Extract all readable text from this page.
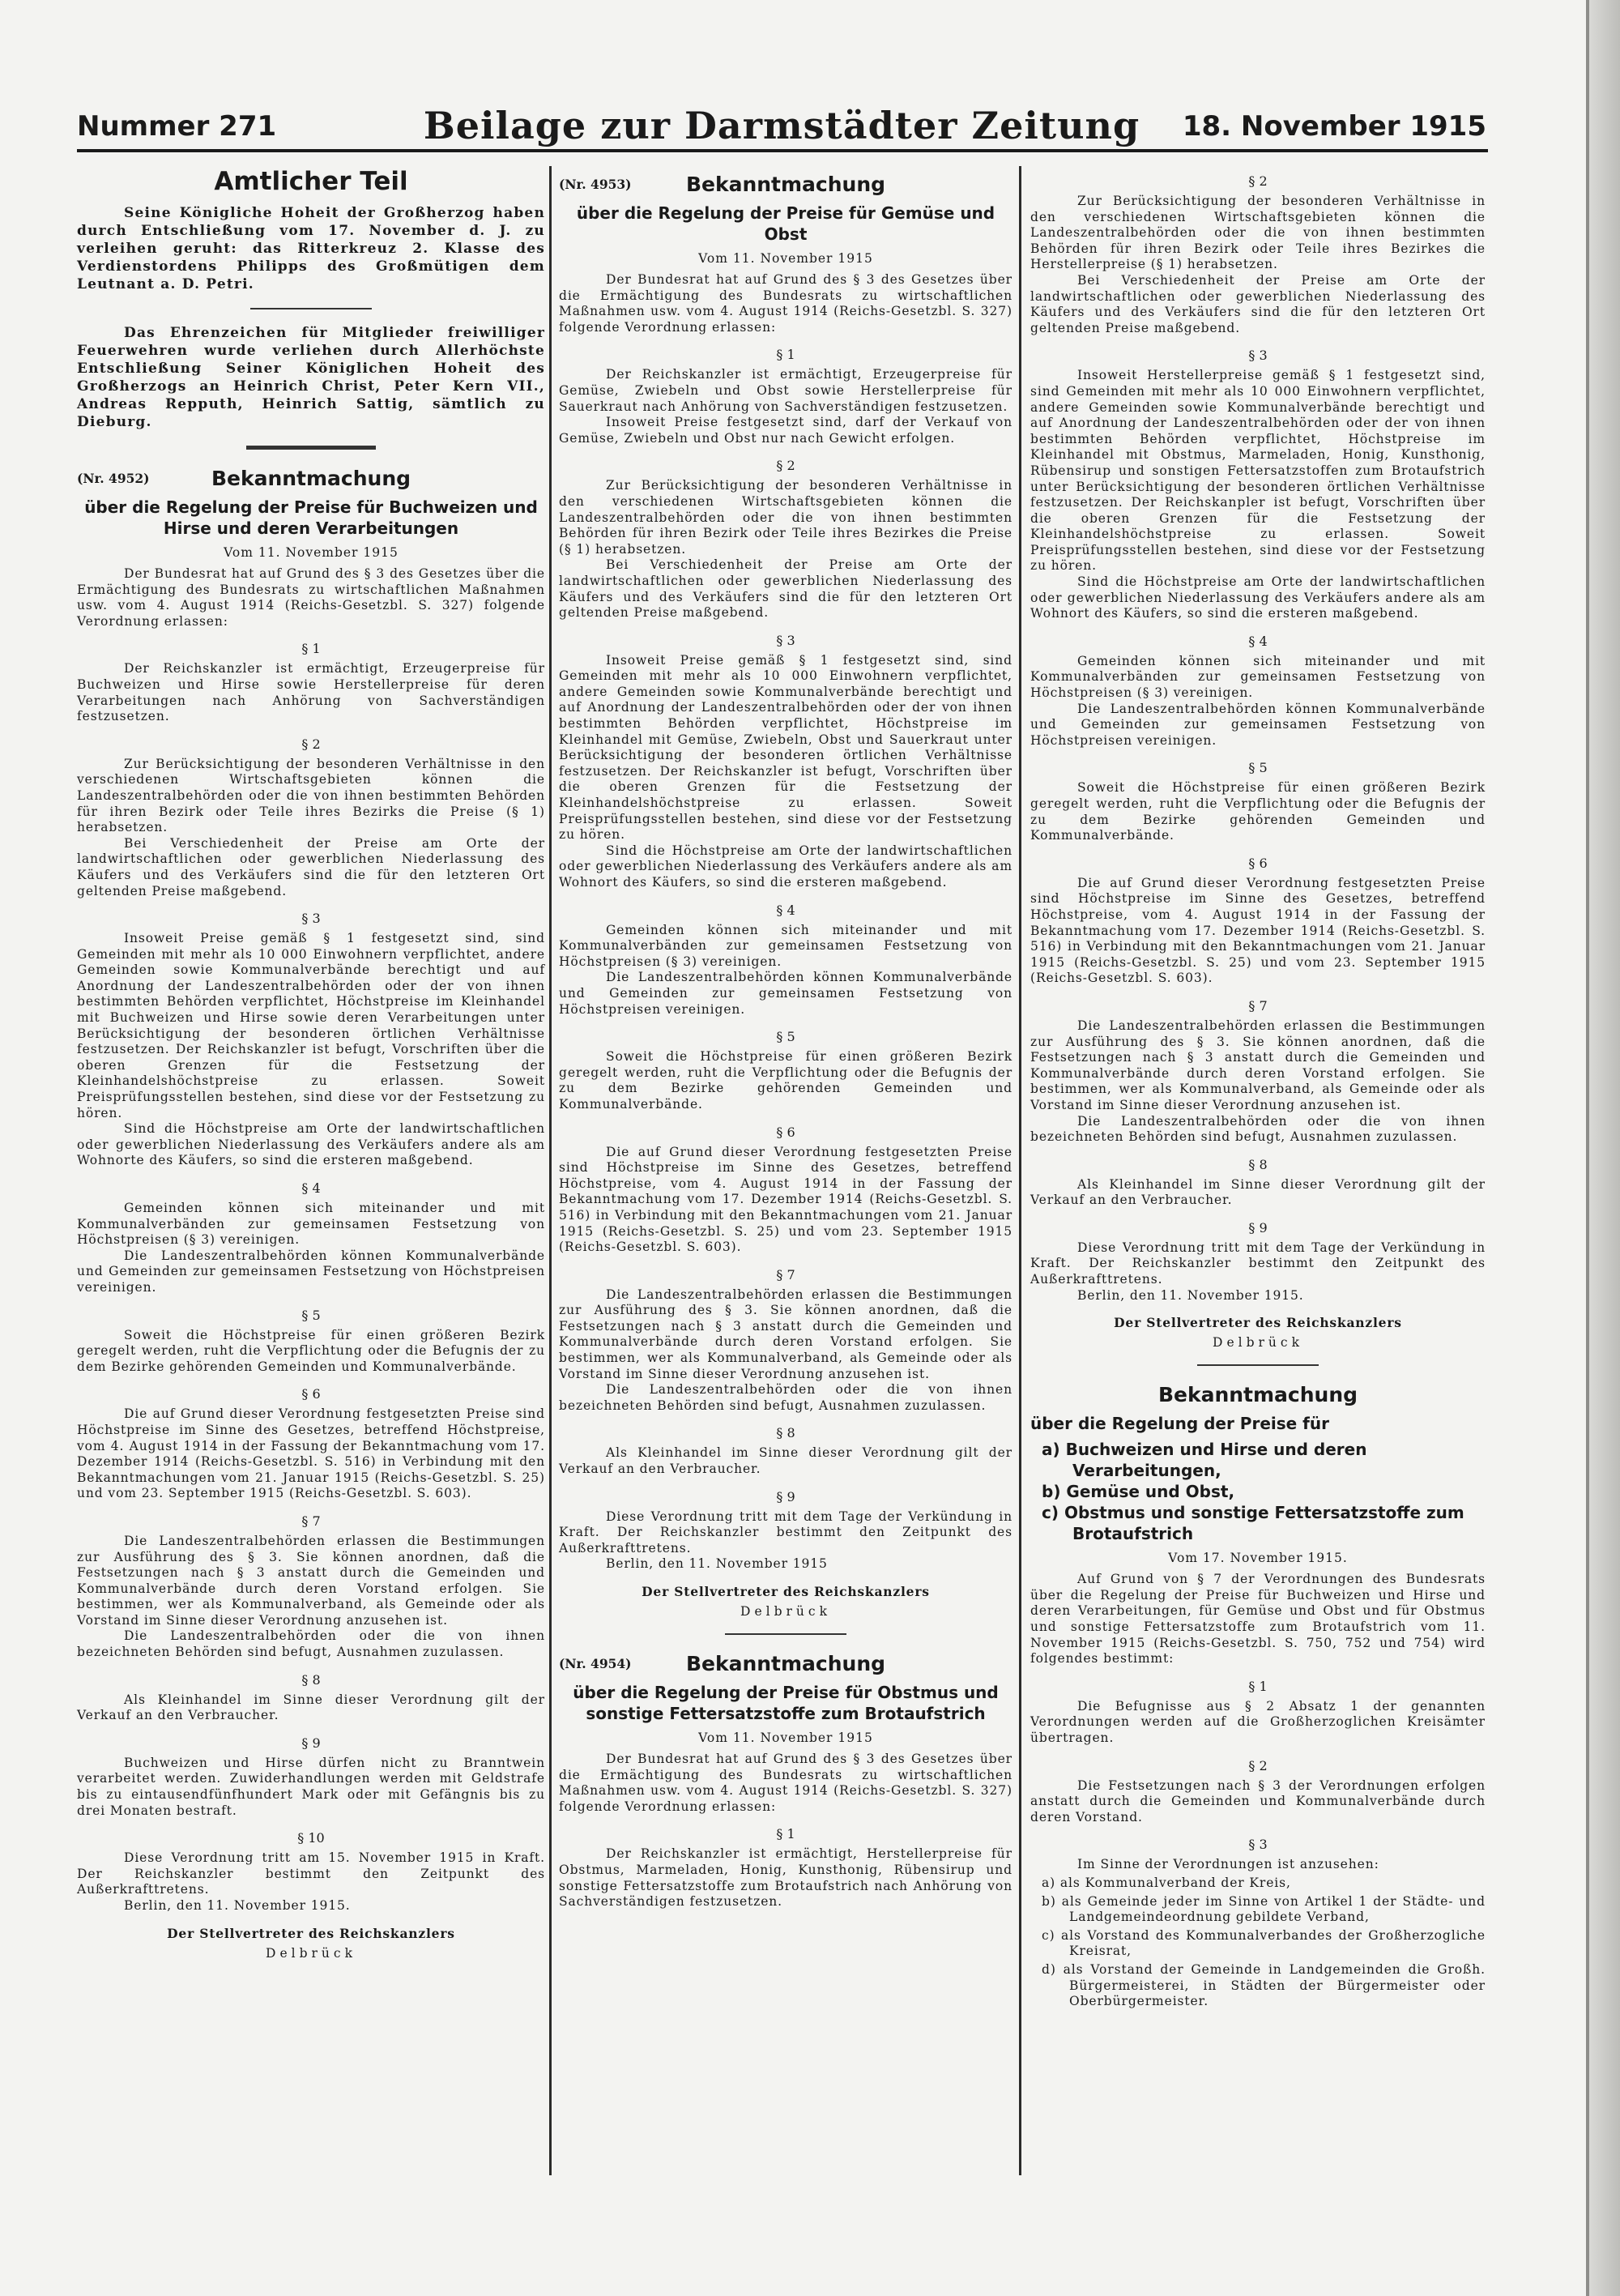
Nummer 271	Beilage zur Darmstädter Zeitung	18. November 1915
Amtlicher Teil

Seine Königliche Hoheit der Großherzog haben durch Entschließung vom 17. November d. J. zu verleihen geruht: das Ritterkreuz 2. Klasse des Verdienstordens Philipps des Großmütigen dem Leutnant a. D. Petri.

Das Ehrenzeichen für Mitglieder freiwilliger Feuerwehren wurde verliehen durch Allerhöchste Entschließung Seiner Königlichen Hoheit des Großherzogs an Heinrich Christ, Peter Kern VII., Andreas Repputh, Heinrich Sattig, sämtlich zu Dieburg.

(Nr. 4952)	Bekanntmachung
über die Regelung der Preise für Buchweizen und Hirse und deren Verarbeitungen
Vom 11. November 1915

Der Bundesrat hat auf Grund des § 3 des Gesetzes über die Ermächtigung des Bundesrats zu wirtschaftlichen Maßnahmen usw. vom 4. August 1914 (Reichs-Gesetzbl. S. 327) folgende Verordnung erlassen:

§ 1

Der Reichskanzler ist ermächtigt, Erzeugerpreise für Buchweizen und Hirse sowie Herstellerpreise für deren Verarbeitungen nach Anhörung von Sachverständigen festzusetzen.

§ 2

Zur Berücksichtigung der besonderen Verhältnisse in den verschiedenen Wirtschaftsgebieten können die Landeszentralbehörden oder die von ihnen bestimmten Behörden für ihren Bezirk oder Teile ihres Bezirks die Preise (§ 1) herabsetzen.

Bei Verschiedenheit der Preise am Orte der landwirtschaftlichen oder gewerblichen Niederlassung des Käufers und des Verkäufers sind die für den letzteren Ort geltenden Preise maßgebend.

§ 3

Insoweit Preise gemäß § 1 festgesetzt sind, sind Gemeinden mit mehr als 10 000 Einwohnern verpflichtet, andere Gemeinden sowie Kommunalverbände berechtigt und auf Anordnung der Landeszentralbehörden oder der von ihnen bestimmten Behörden verpflichtet, Höchstpreise im Kleinhandel mit Buchweizen und Hirse sowie deren Verarbeitungen unter Berücksichtigung der besonderen örtlichen Verhältnisse festzusetzen. Der Reichskanzler ist befugt, Vorschriften über die oberen Grenzen für die Festsetzung der Kleinhandelshöchstpreise zu erlassen. Soweit Preisprüfungsstellen bestehen, sind diese vor der Festsetzung zu hören.

Sind die Höchstpreise am Orte der landwirtschaftlichen oder gewerblichen Niederlassung des Verkäufers andere als am Wohnorte des Käufers, so sind die ersteren maßgebend.

§ 4

Gemeinden können sich miteinander und mit Kommunalverbänden zur gemeinsamen Festsetzung von Höchstpreisen (§ 3) vereinigen.

Die Landeszentralbehörden können Kommunalverbände und Gemeinden zur gemeinsamen Festsetzung von Höchstpreisen vereinigen.

§ 5

Soweit die Höchstpreise für einen größeren Bezirk geregelt werden, ruht die Verpflichtung oder die Befugnis der zu dem Bezirke gehörenden Gemeinden und Kommunalverbände.

§ 6

Die auf Grund dieser Verordnung festgesetzten Preise sind Höchstpreise im Sinne des Gesetzes, betreffend Höchstpreise, vom 4. August 1914 in der Fassung der Bekanntmachung vom 17. Dezember 1914 (Reichs-Gesetzbl. S. 516) in Verbindung mit den Bekanntmachungen vom 21. Januar 1915 (Reichs-Gesetzbl. S. 25) und vom 23. September 1915 (Reichs-Gesetzbl. S. 603).

§ 7

Die Landeszentralbehörden erlassen die Bestimmungen zur Ausführung des § 3. Sie können anordnen, daß die Festsetzungen nach § 3 anstatt durch die Gemeinden und Kommunalverbände durch deren Vorstand erfolgen. Sie bestimmen, wer als Kommunalverband, als Gemeinde oder als Vorstand im Sinne dieser Verordnung anzusehen ist.

Die Landeszentralbehörden oder die von ihnen bezeichneten Behörden sind befugt, Ausnahmen zuzulassen.

§ 8

Als Kleinhandel im Sinne dieser Verordnung gilt der Verkauf an den Verbraucher.

§ 9

Buchweizen und Hirse dürfen nicht zu Branntwein verarbeitet werden. Zuwiderhandlungen werden mit Geldstrafe bis zu eintausendfünfhundert Mark oder mit Gefängnis bis zu drei Monaten bestraft.

§ 10

Diese Verordnung tritt am 15. November 1915 in Kraft. Der Reichskanzler bestimmt den Zeitpunkt des Außerkrafttretens.

Berlin, den 11. November 1915.

Der Stellvertreter des Reichskanzlers
Delbrück
(Nr. 4953)	Bekanntmachung
über die Regelung der Preise für Gemüse und Obst
Vom 11. November 1915

Der Bundesrat hat auf Grund des § 3 des Gesetzes über die Ermächtigung des Bundesrats zu wirtschaftlichen Maßnahmen usw. vom 4. August 1914 (Reichs-Gesetzbl. S. 327) folgende Verordnung erlassen:

§ 1

Der Reichskanzler ist ermächtigt, Erzeugerpreise für Gemüse, Zwiebeln und Obst sowie Herstellerpreise für Sauerkraut nach Anhörung von Sachverständigen festzusetzen.

Insoweit Preise festgesetzt sind, darf der Verkauf von Gemüse, Zwiebeln und Obst nur nach Gewicht erfolgen.

§ 2

Zur Berücksichtigung der besonderen Verhältnisse in den verschiedenen Wirtschaftsgebieten können die Landeszentralbehörden oder die von ihnen bestimmten Behörden für ihren Bezirk oder Teile ihres Bezirkes die Preise (§ 1) herabsetzen.

Bei Verschiedenheit der Preise am Orte der landwirtschaftlichen oder gewerblichen Niederlassung des Käufers und des Verkäufers sind die für den letzteren Ort geltenden Preise maßgebend.

§ 3

Insoweit Preise gemäß § 1 festgesetzt sind, sind Gemeinden mit mehr als 10 000 Einwohnern verpflichtet, andere Gemeinden sowie Kommunalverbände berechtigt und auf Anordnung der Landeszentralbehörden oder der von ihnen bestimmten Behörden verpflichtet, Höchstpreise im Kleinhandel mit Gemüse, Zwiebeln, Obst und Sauerkraut unter Berücksichtigung der besonderen örtlichen Verhältnisse festzusetzen. Der Reichskanzler ist befugt, Vorschriften über die oberen Grenzen für die Festsetzung der Kleinhandelshöchstpreise zu erlassen. Soweit Preisprüfungsstellen bestehen, sind diese vor der Festsetzung zu hören.

Sind die Höchstpreise am Orte der landwirtschaftlichen oder gewerblichen Niederlassung des Verkäufers andere als am Wohnort des Käufers, so sind die ersteren maßgebend.

§ 4

Gemeinden können sich miteinander und mit Kommunalverbänden zur gemeinsamen Festsetzung von Höchstpreisen (§ 3) vereinigen.

Die Landeszentralbehörden können Kommunalverbände und Gemeinden zur gemeinsamen Festsetzung von Höchstpreisen vereinigen.

§ 5

Soweit die Höchstpreise für einen größeren Bezirk geregelt werden, ruht die Verpflichtung oder die Befugnis der zu dem Bezirke gehörenden Gemeinden und Kommunalverbände.

§ 6

Die auf Grund dieser Verordnung festgesetzten Preise sind Höchstpreise im Sinne des Gesetzes, betreffend Höchstpreise, vom 4. August 1914 in der Fassung der Bekanntmachung vom 17. Dezember 1914 (Reichs-Gesetzbl. S. 516) in Verbindung mit den Bekanntmachungen vom 21. Januar 1915 (Reichs-Gesetzbl. S. 25) und vom 23. September 1915 (Reichs-Gesetzbl. S. 603).

§ 7

Die Landeszentralbehörden erlassen die Bestimmungen zur Ausführung des § 3. Sie können anordnen, daß die Festsetzungen nach § 3 anstatt durch die Gemeinden und Kommunalverbände durch deren Vorstand erfolgen. Sie bestimmen, wer als Kommunalverband, als Gemeinde oder als Vorstand im Sinne dieser Verordnung anzusehen ist.

Die Landeszentralbehörden oder die von ihnen bezeichneten Behörden sind befugt, Ausnahmen zuzulassen.

§ 8

Als Kleinhandel im Sinne dieser Verordnung gilt der Verkauf an den Verbraucher.

§ 9

Diese Verordnung tritt mit dem Tage der Verkündung in Kraft. Der Reichskanzler bestimmt den Zeitpunkt des Außerkrafttretens.

Berlin, den 11. November 1915

Der Stellvertreter des Reichskanzlers
Delbrück
(Nr. 4954)	Bekanntmachung
über die Regelung der Preise für Obstmus und sonstige Fettersatzstoffe zum Brotaufstrich
Vom 11. November 1915

Der Bundesrat hat auf Grund des § 3 des Gesetzes über die Ermächtigung des Bundesrats zu wirtschaftlichen Maßnahmen usw. vom 4. August 1914 (Reichs-Gesetzbl. S. 327) folgende Verordnung erlassen:

§ 1

Der Reichskanzler ist ermächtigt, Herstellerpreise für Obstmus, Marmeladen, Honig, Kunsthonig, Rübensirup und sonstige Fettersatzstoffe zum Brotaufstrich nach Anhörung von Sachverständigen festzusetzen.

§ 2

Zur Berücksichtigung der besonderen Verhältnisse in den verschiedenen Wirtschaftsgebieten können die Landeszentralbehörden oder die von ihnen bestimmten Behörden für ihren Bezirk oder Teile ihres Bezirkes die Herstellerpreise (§ 1) herabsetzen.

Bei Verschiedenheit der Preise am Orte der landwirtschaftlichen oder gewerblichen Niederlassung des Käufers und des Verkäufers sind die für den letzteren Ort geltenden Preise maßgebend.

§ 3

Insoweit Herstellerpreise gemäß § 1 festgesetzt sind, sind Gemeinden mit mehr als 10 000 Einwohnern verpflichtet, andere Gemeinden sowie Kommunalverbände berechtigt und auf Anordnung der Landeszentralbehörden oder der von ihnen bestimmten Behörden verpflichtet, Höchstpreise im Kleinhandel mit Obstmus, Marmeladen, Honig, Kunsthonig, Rübensirup und sonstigen Fettersatzstoffen zum Brotaufstrich unter Berücksichtigung der besonderen örtlichen Verhältnisse festzusetzen. Der Reichskanpler ist befugt, Vorschriften über die oberen Grenzen für die Festsetzung der Kleinhandelshöchstpreise zu erlassen. Soweit Preisprüfungsstellen bestehen, sind diese vor der Festsetzung zu hören.

Sind die Höchstpreise am Orte der landwirtschaftlichen oder gewerblichen Niederlassung des Verkäufers andere als am Wohnort des Käufers, so sind die ersteren maßgebend.

§ 4

Gemeinden können sich miteinander und mit Kommunalverbänden zur gemeinsamen Festsetzung von Höchstpreisen (§ 3) vereinigen.

Die Landeszentralbehörden können Kommunalverbände und Gemeinden zur gemeinsamen Festsetzung von Höchstpreisen vereinigen.

§ 5

Soweit die Höchstpreise für einen größeren Bezirk geregelt werden, ruht die Verpflichtung oder die Befugnis der zu dem Bezirke gehörenden Gemeinden und Kommunalverbände.

§ 6

Die auf Grund dieser Verordnung festgesetzten Preise sind Höchstpreise im Sinne des Gesetzes, betreffend Höchstpreise, vom 4. August 1914 in der Fassung der Bekanntmachung vom 17. Dezember 1914 (Reichs-Gesetzbl. S. 516) in Verbindung mit den Bekanntmachungen vom 21. Januar 1915 (Reichs-Gesetzbl. S. 25) und vom 23. September 1915 (Reichs-Gesetzbl. S. 603).

§ 7

Die Landeszentralbehörden erlassen die Bestimmungen zur Ausführung des § 3. Sie können anordnen, daß die Festsetzungen nach § 3 anstatt durch die Gemeinden und Kommunalverbände durch deren Vorstand erfolgen. Sie bestimmen, wer als Kommunalverband, als Gemeinde oder als Vorstand im Sinne dieser Verordnung anzusehen ist.

Die Landeszentralbehörden oder die von ihnen bezeichneten Behörden sind befugt, Ausnahmen zuzulassen.

§ 8

Als Kleinhandel im Sinne dieser Verordnung gilt der Verkauf an den Verbraucher.

§ 9

Diese Verordnung tritt mit dem Tage der Verkündung in Kraft. Der Reichskanzler bestimmt den Zeitpunkt des Außerkrafttretens.

Berlin, den 11. November 1915.

Der Stellvertreter des Reichskanzlers
Delbrück
Bekanntmachung
über die Regelung der Preise für
a) Buchweizen und Hirse und deren Verarbeitungen,
b) Gemüse und Obst,
c) Obstmus und sonstige Fettersatzstoffe zum Brotaufstrich
Vom 17. November 1915.

Auf Grund von § 7 der Verordnungen des Bundesrats über die Regelung der Preise für Buchweizen und Hirse und deren Verarbeitungen, für Gemüse und Obst und für Obstmus und sonstige Fettersatzstoffe zum Brotaufstrich vom 11. November 1915 (Reichs-Gesetzbl. S. 750, 752 und 754) wird folgendes bestimmt:

§ 1

Die Befugnisse aus § 2 Absatz 1 der genannten Verordnungen werden auf die Großherzoglichen Kreisämter übertragen.

§ 2

Die Festsetzungen nach § 3 der Verordnungen erfolgen anstatt durch die Gemeinden und Kommunalverbände durch deren Vorstand.

§ 3

Im Sinne der Verordnungen ist anzusehen:

a) als Kommunalverband der Kreis,
b) als Gemeinde jeder im Sinne von Artikel 1 der Städte- und Landgemeindeordnung gebildete Verband,
c) als Vorstand des Kommunalverbandes der Großherzogliche Kreisrat,
d) als Vorstand der Gemeinde in Landgemeinden die Großh. Bürgermeisterei, in Städten der Bürgermeister oder Oberbürgermeister.
